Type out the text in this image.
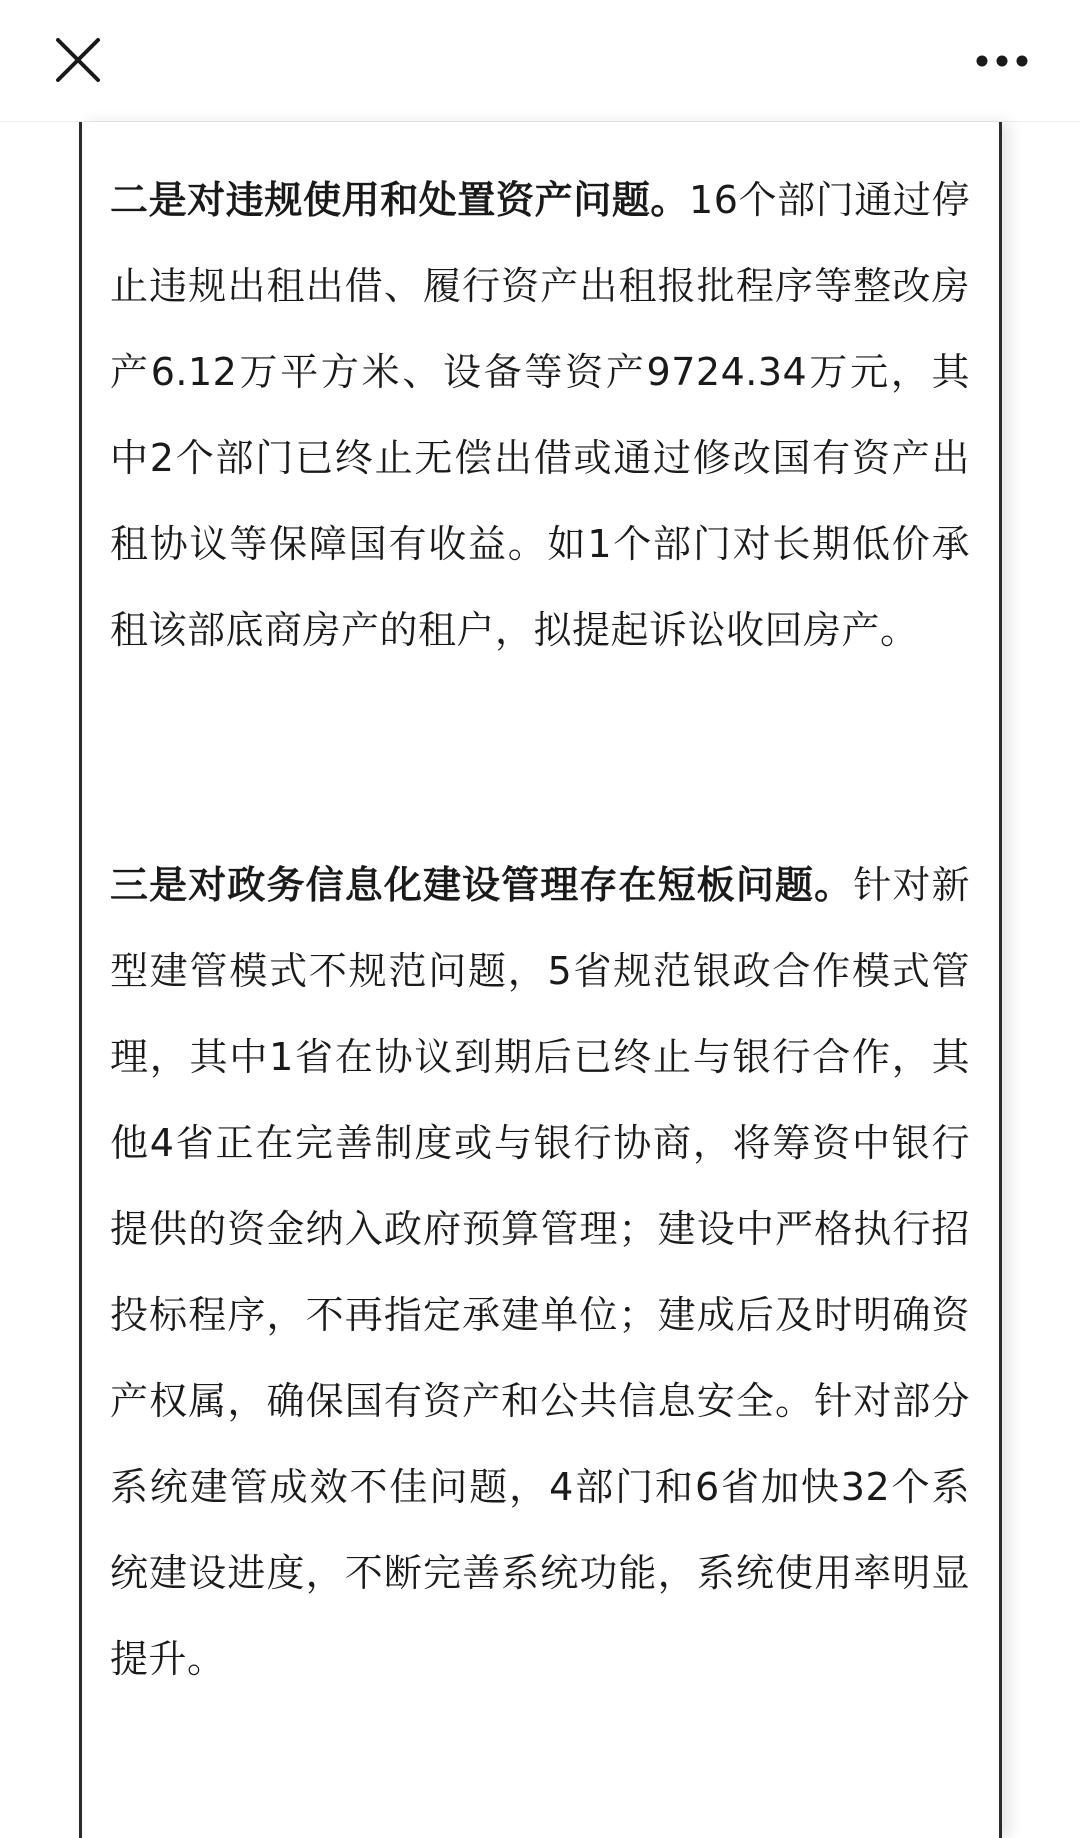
二是对违规使用和处置资产问题。16个部门通过停止违规出租出借、履行资产出租报批程序等整改房产6.12万平方米、设备等资产9724.34万元，其中2个部门已终止无偿出借或通过修改国有资产出租协议等保障国有收益。如1个部门对长期低价承租该部底商房产的租户，拟提起诉讼收回房产。
三是对政务信息化建设管理存在短板问题。针对新型建管模式不规范问题，5省规范银政合作模式管理，其中1省在协议到期后已终止与银行合作，其他4省正在完善制度或与银行协商，将筹资中银行提供的资金纳入政府预算管理；建设中严格执行招投标程序，不再指定承建单位；建成后及时明确资产权属，确保国有资产和公共信息安全。针对部分系统建管成效不佳问题，4部门和6省加快32个系统建设进度，不断完善系统功能，系统使用率明显提升。
